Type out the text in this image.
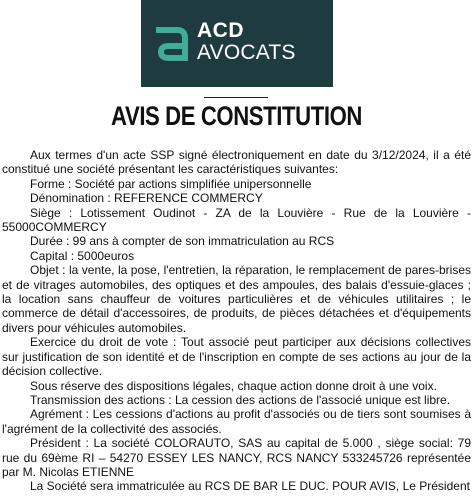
ACD
AVOCATS
AVIS DE CONSTITUTION

Aux termes d'un acte SSP signé électroniquement en date du 3/12/2024, il a été constitué une société présentant les caractéristiques suivantes:

Forme : Société par actions simplifiée unipersonnelle

Dénomination : REFERENCE COMMERCY

Siège : Lotissement Oudinot - ZA de la Louvière - Rue de la Louvière - 55000COMMERCY

Durée : 99 ans à compter de son immatriculation au RCS

Capital : 5000euros

Objet : la vente, la pose, l'entretien, la réparation, le remplacement de pares-brises et de vitrages automobiles, des optiques et des ampoules, des balais d'essuie-glaces ; la location sans chauffeur de voitures particulières et de véhicules utilitaires ; le commerce de détail d'accessoires, de produits, de pièces détachées et d'équipements divers pour véhicules automobiles.

Exercice du droit de vote : Tout associé peut participer aux décisions collectives sur justification de son identité et de l'inscription en compte de ses actions au jour de la décision collective.

Sous réserve des dispositions légales, chaque action donne droit à une voix.

Transmission des actions : La cession des actions de l'associé unique est libre.

Agrément : Les cessions d'actions au profit d'associés ou de tiers sont soumises à l'agrément de la collectivité des associés.

Président : La société COLORAUTO, SAS au capital de 5.000 , siège social: 79 rue du 69ème RI – 54270 ESSEY LES NANCY, RCS NANCY 533245726 représentée par M. Nicolas ETIENNE

La Société sera immatriculée au RCS DE BAR LE DUC. POUR AVIS, Le Président
